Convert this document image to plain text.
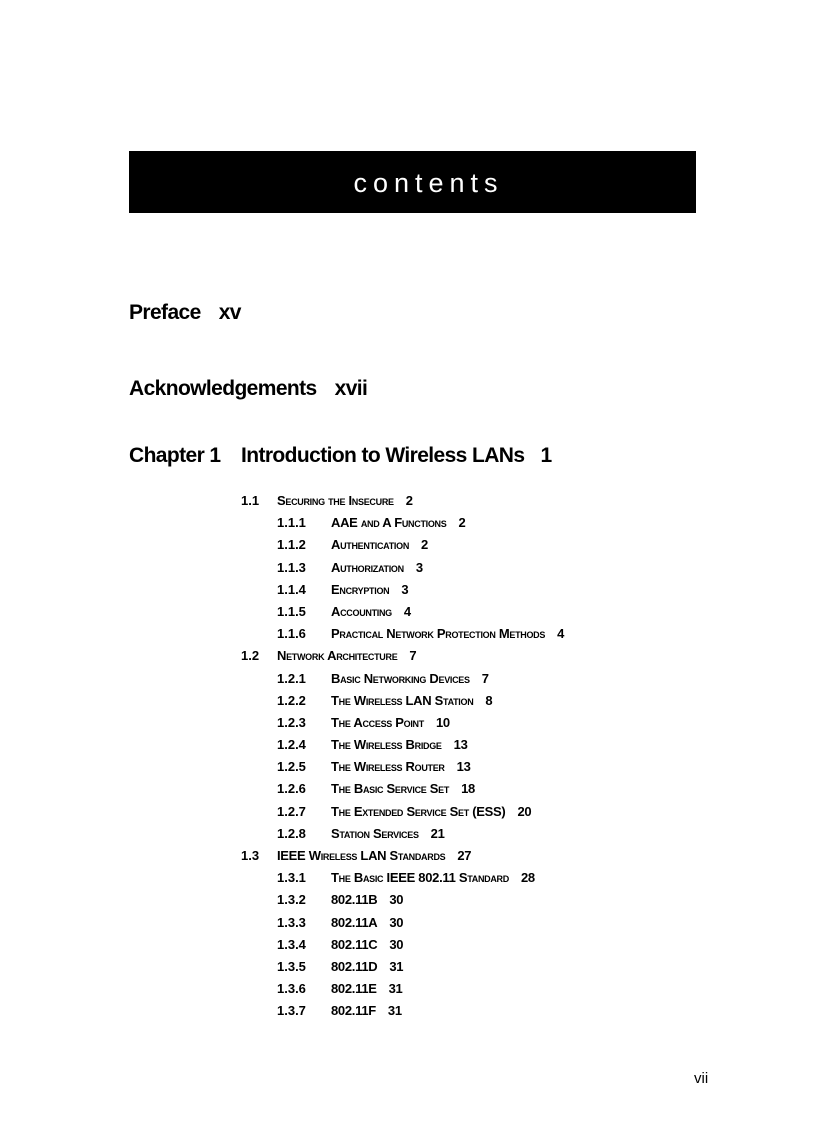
contents
Preface xv
Acknowledgements xvii
Chapter 1 Introduction to Wireless LANs 1
1.1 Securing the Insecure 2
1.1.1 AAE and A Functions 2
1.1.2 Authentication 2
1.1.3 Authorization 3
1.1.4 Encryption 3
1.1.5 Accounting 4
1.1.6 Practical Network Protection Methods 4
1.2 Network Architecture 7
1.2.1 Basic Networking Devices 7
1.2.2 The Wireless LAN Station 8
1.2.3 The Access Point 10
1.2.4 The Wireless Bridge 13
1.2.5 The Wireless Router 13
1.2.6 The Basic Service Set 18
1.2.7 The Extended Service Set (ESS) 20
1.2.8 Station Services 21
1.3 IEEE Wireless LAN Standards 27
1.3.1 The Basic IEEE 802.11 Standard 28
1.3.2 802.11B 30
1.3.3 802.11A 30
1.3.4 802.11C 30
1.3.5 802.11D 31
1.3.6 802.11E 31
1.3.7 802.11F 31
vii
